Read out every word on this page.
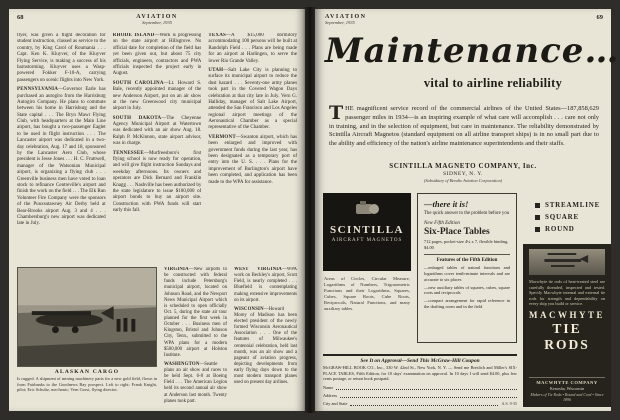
68	AVIATION
September, 1935

flyer, was given a flight decoration for student instruction, classed as service to the country, by King Carol of Roumania . . . Capt. Ken K. Kluyver, of the Kluyver Flying Service, is making a success of his barnstorming. Kluyver uses a Wasp-powered Fokker F-10-A, carrying passengers on scenic flights into New York.

PENNSYLVANIA—Governor Earle has purchased an autogiro from the Harrisburg Autogiro Company. He plans to commute between his home in Harrisburg and the State capital . . . The Bryn Mawr Flying Club, with headquarters at the Main Line airport, has bought a two-passenger Eaglet to be used in flight instruction . . . The Lancaster airport was dedicated in a two-day celebration, Aug. 17 and 18, sponsored by the Lancaster Aero Club, whose president is Jesse Jones . . . H. C. Fruttwell, manager of the Watsonian Municipal airport, is organizing a flying club . . . Greenville business men have voted to loan stock to refinance Centreville's airport and finish the work on the field . . . The Elk Run Volunteer Fire Company were the sponsors of the Punxsutawney Air Derby held at Bear-Brooks airport Aug. 3 and 4 . . . Chambersburg's new airport was dedicated late in July.

RHODE ISLAND—Work is progressing on the state airport at Hillsgrove. No official date for completion of the field has yet been given out, but about 75 city officials, engineers, contractors and PWA officials inspected the project early in August.

SOUTH CAROLINA—Lt. Howard S. Bale, recently appointed manager of the new Anderson Airport, put on an air show at the new Greenwood city municipal airport in July.

SOUTH DAKOTA—The Cheyenne Agency Municipal Airport at Watertown was dedicated with an air show Aug. 18. Ralph P. McKinnon, state airport advisor, was in charge.

TENNESSEE—Murfreesboro's first flying school is now ready for operation, and will give flight instruction Sundays and weekday afternoons. Its owners and operators are Dick Bernard and Franklin Knagg . . . Nashville has been authorized by the state legislature to issue $100,000 of airport bonds to buy an airport site. Construction with PWA funds will start early this fall.

TEXAS—A $15,000 dormitory accommodating 100 persons will be built at Randolph Field . . . Plans are being made for an airport at Harlingen, to serve the lower Rio Grande Valley.

UTAH—Salt Lake City is planning to surface its municipal airport to reduce the dust hazard . . . Seventy-one army planes took part in the Covered Wagon Days celebration at that city late in July. Vern G. Halliday, manager of Salt Lake Airport, attended the San Francisco and Los Angeles regional airport meetings of the Aeronautical Chamber as a special representative of the Chamber.

VERMONT—Swanton airport, which has been enlarged and improved with government funds during the last year, has been designated as a temporary port of entry into the U. S. . . . Plans for the improvement of Burlington's airport have been completed, and application has been made to the WPA for assistance.

ALASKAN CARGO
Is rugged. A shipment of mining machinery parts for a new gold field, flown in from Fairbanks to the Goodnews Bay prospect. Left to right: Frank Knight, pilot; Eric Schultz, mechanic; Vern Gorst, flying director.

VIRGINIA—New airports to be constructed with federal funds include Petersburg's municipal airport, located on Johnson Road, and the Newport News Municipal Airport which is scheduled to open officially Oct. 5, during the state air tour planned for the first week in October . . . Business men of Kingston, Bristol and Johnson City, Tenn., submitted to the WPA plans for a modern $500,000 airport at Holston Institute.

WASHINGTON—Seattle plans an air show and races to be held Sept. 6-8 at Boeing Field . . . The American Legion held its second annual air show at Anderson last month. Twenty planes took part.

WEST VIRGINIA—WPA work on Beckley's airport, Scott Field, is nearly completed . . . Bluefield is contemplating making extensive improvements on its airport.

WISCONSIN—Howard Morey of Madison has been elected president of the newly formed Wisconsin Aeronautical Association . . . One of the features of Milwaukee's centennial celebration, held last month, was an air show and a pageant of aviation progress, depicting developments from early flying days down to the most modern transport planes used on present day airlines.

AVIATION
September, 1935
69
Maintenance…
vital to airline reliability

THE magnificent service record of the commercial airlines of the United States—187,858,629 passenger miles in 1934—is an inspiring example of what care will accomplish . . . care not only in training, and in the selection of equipment, but care in maintenance. The reliability demonstrated by Scintilla Aircraft Magnetos (standard equipment on all airline transport ships) is in no small part due to the ability and efficiency of the nation's airline maintenance superintendents and their staffs.

SCINTILLA MAGNETO COMPANY, Inc.
SIDNEY, N. Y.
(Subsidiary of Bendix Aviation Corporation)
SCINTILLA
AIRCRAFT MAGNETOS

Areas of Circles, Circular Measure, Logarithms of Numbers, Trigonometric Functions and their Logarithms, Squares, Cubes, Square Roots, Cube Roots, Reciprocals, Natural Functions, and many auxiliary tables.

—there it is!
The quick answer to the problem before you
New Fifth Edition
Six-Place Tables
712 pages, pocket-size 4¼ x 7, flexible binding, $4.00
Features of the Fifth Edition

—enlarged tables of natural functions and logarithms cover tenth-minute intervals and are accurate to six places

—new auxiliary tables of squares, cubes, square roots and reciprocals

—compact arrangement for rapid reference in the drafting room and in the field

STREAMLINE
SQUARE
ROUND

Macwhyte tie rods of heat-treated steel are carefully threaded, inspected and tested. Specify Macwhyte internal and external tie rods for strength and dependability on every ship you build or service.

MACWHYTE
TIE RODS
MACWHYTE COMPANY
Kenosha, Wisconsin
Makers of Tie Rods • Round and Cord • Since 1896
See It on Approval—Send This McGraw-Hill Coupon
McGRAW-HILL BOOK CO., Inc., 330 W. 42nd St., New York, N. Y. — Send me Breslich and Miller's SIX-PLACE TABLES, Fifth Edition, for 10 days' examination on approval. In 10 days I will send $4.00, plus few cents postage, or return book postpaid.
Name
Address
City and State	A.S. 9-35
